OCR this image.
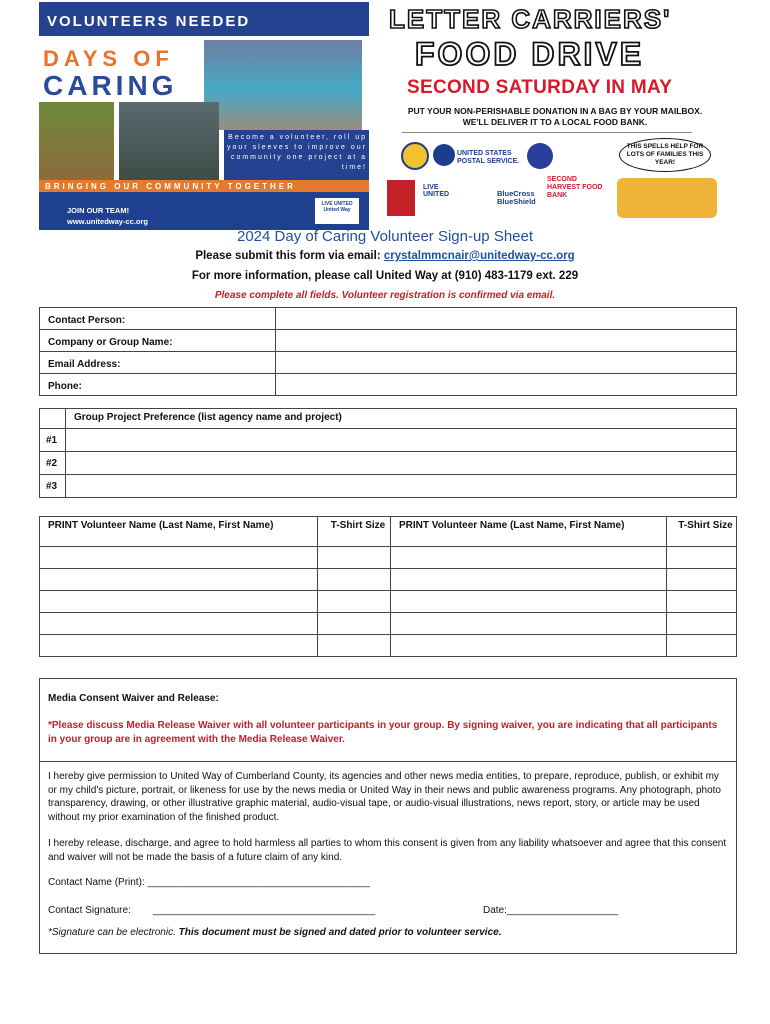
VOLUNTEERS NEEDED
DAYS OF
CARING
Become a volunteer, roll up your sleeves to improve our community one project at a time!
BRINGING OUR COMMUNITY TOGETHER
JOIN OUR TEAM!
www.unitedway-cc.org
LIVE UNITED United Way
LETTER CARRIERS'
FOOD DRIVE
SECOND SATURDAY IN MAY
PUT YOUR NON-PERISHABLE DONATION IN A BAG BY YOUR MAILBOX.
WE'LL DELIVER IT TO A LOCAL FOOD BANK.
UNITED STATES POSTAL SERVICE.
THIS SPELLS HELP FOR LOTS OF FAMILIES THIS YEAR!
LIVE UNITED	BlueCross BlueShield
SECOND HARVEST FOOD BANK
2024 Day of Caring Volunteer Sign-up Sheet
Please submit this form via email: crystalmmcnair@unitedway-cc.org
For more information, please call United Way at (910) 483-1179 ext. 229
Please complete all fields. Volunteer registration is confirmed via email.
Contact Person:	
Company or Group Name:	
Email Address:	
Phone:	
	Group Project Preference (list agency name and project)
#1	
#2	
#3	
PRINT Volunteer Name (Last Name, First Name)	T-Shirt Size	PRINT Volunteer Name (Last Name, First Name)	T-Shirt Size

Media Consent Waiver and Release:
*Please discuss Media Release Waiver with all volunteer participants in your group. By signing waiver, you are indicating that all participants in your group are in agreement with the Media Release Waiver.
I hereby give permission to United Way of Cumberland County, its agencies and other news media entities, to prepare, reproduce, publish, or exhibit my or my child's picture, portrait, or likeness for use by the news media or United Way in their news and public awareness programs. Any photograph, photo transparency, drawing, or other illustrative graphic material, audio-visual tape, or audio-visual illustrations, news report, story, or article may be used without my prior examination of the finished product.
I hereby release, discharge, and agree to hold harmless all parties to whom this consent is given from any liability whatsoever and agree that this consent and waiver will not be made the basis of a future claim of any kind.
Contact Name (Print): ________________________________________
Contact Signature: ________________________________________	Date:____________________
*Signature can be electronic. This document must be signed and dated prior to volunteer service.
